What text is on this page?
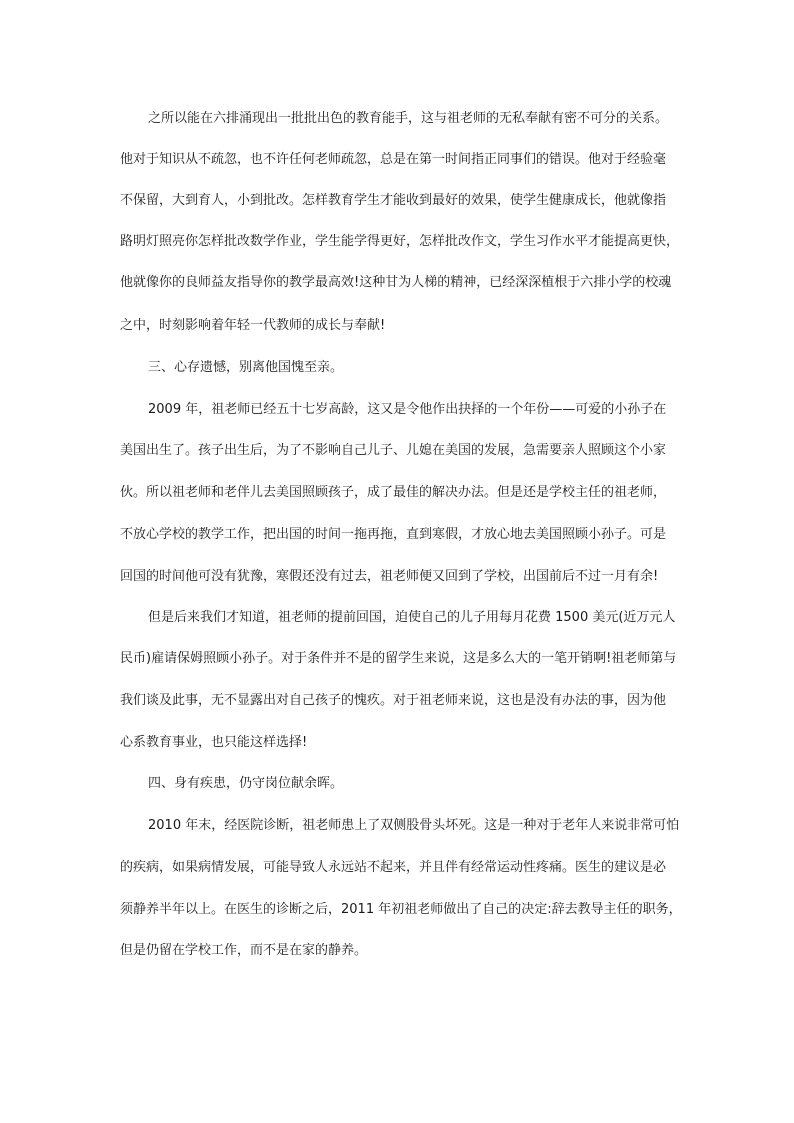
之所以能在六排涌现出一批批出色的教育能手，这与祖老师的无私奉献有密不可分的关系。
他对于知识从不疏忽，也不许任何老师疏忽，总是在第一时间指正同事们的错误。他对于经验毫
不保留，大到育人，小到批改。怎样教育学生才能收到最好的效果，使学生健康成长，他就像指
路明灯照亮你怎样批改数学作业，学生能学得更好，怎样批改作文，学生习作水平才能提高更快，
他就像你的良师益友指导你的教学最高效!这种甘为人梯的精神，已经深深植根于六排小学的校魂
之中，时刻影响着年轻一代教师的成长与奉献!
三、心存遗憾，别离他国愧至亲。
2009 年，祖老师已经五十七岁高龄，这又是令他作出抉择的一个年份——可爱的小孙子在
美国出生了。孩子出生后，为了不影响自己儿子、儿媳在美国的发展，急需要亲人照顾这个小家
伙。所以祖老师和老伴儿去美国照顾孩子，成了最佳的解决办法。但是还是学校主任的祖老师，
不放心学校的教学工作，把出国的时间一拖再拖，直到寒假，才放心地去美国照顾小孙子。可是
回国的时间他可没有犹豫，寒假还没有过去，祖老师便又回到了学校，出国前后不过一月有余!
但是后来我们才知道，祖老师的提前回国，迫使自己的儿子用每月花费 1500 美元(近万元人
民币)雇请保姆照顾小孙子。对于条件并不是的留学生来说，这是多么大的一笔开销啊!祖老师第与
我们谈及此事，无不显露出对自己孩子的愧疚。对于祖老师来说，这也是没有办法的事，因为他
心系教育事业，也只能这样选择!
四、身有疾患，仍守岗位献余晖。
2010 年末，经医院诊断，祖老师患上了双侧股骨头坏死。这是一种对于老年人来说非常可怕
的疾病，如果病情发展，可能导致人永远站不起来，并且伴有经常运动性疼痛。医生的建议是必
须静养半年以上。在医生的诊断之后，2011 年初祖老师做出了自己的决定:辞去教导主任的职务，
但是仍留在学校工作，而不是在家的静养。
